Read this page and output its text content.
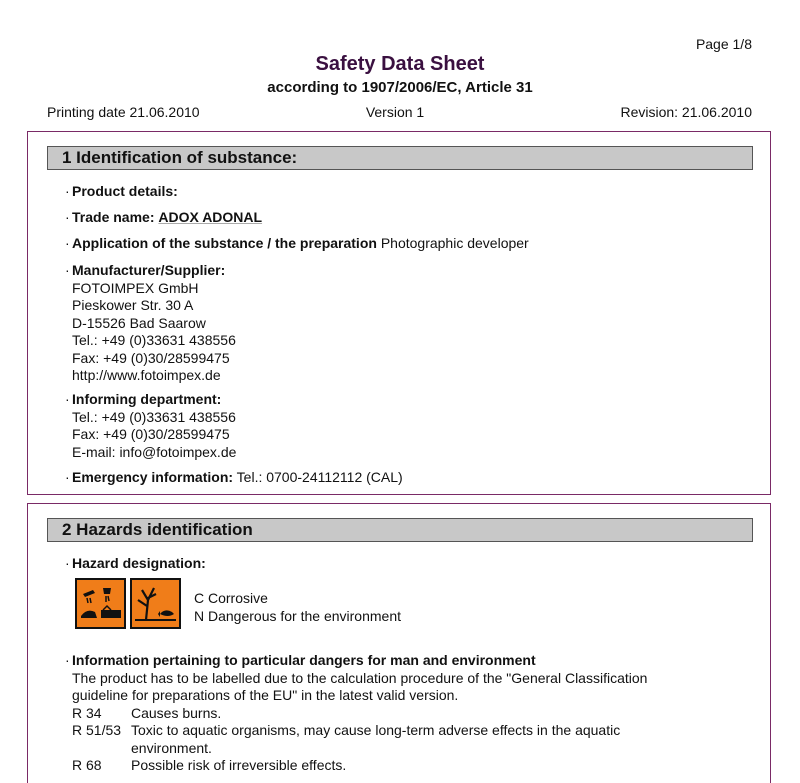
Page 1/8
Safety Data Sheet
according to 1907/2006/EC, Article 31
Printing date 21.06.2010	Version 1	Revision: 21.06.2010
1 Identification of substance:
· Product details:
· Trade name: ADOX ADONAL
· Application of the substance / the preparation Photographic developer
· Manufacturer/Supplier:
FOTOIMPEX GmbH
Pieskower Str. 30 A
D-15526 Bad Saarow
Tel.: +49 (0)33631 438556
Fax: +49 (0)30/28599475
http://www.fotoimpex.de
· Informing department:
Tel.: +49 (0)33631 438556
Fax: +49 (0)30/28599475
E-mail: info@fotoimpex.de
· Emergency information: Tel.: 0700-24112112 (CAL)
2 Hazards identification
· Hazard designation:
C Corrosive
N Dangerous for the environment
· Information pertaining to particular dangers for man and environment
The product has to be labelled due to the calculation procedure of the "General Classification
guideline for preparations of the EU" in the latest valid version.
R 34	Causes burns.
R 51/53 Toxic to aquatic organisms, may cause long-term adverse effects in the aquatic
environment.
R 68	Possible risk of irreversible effects.
